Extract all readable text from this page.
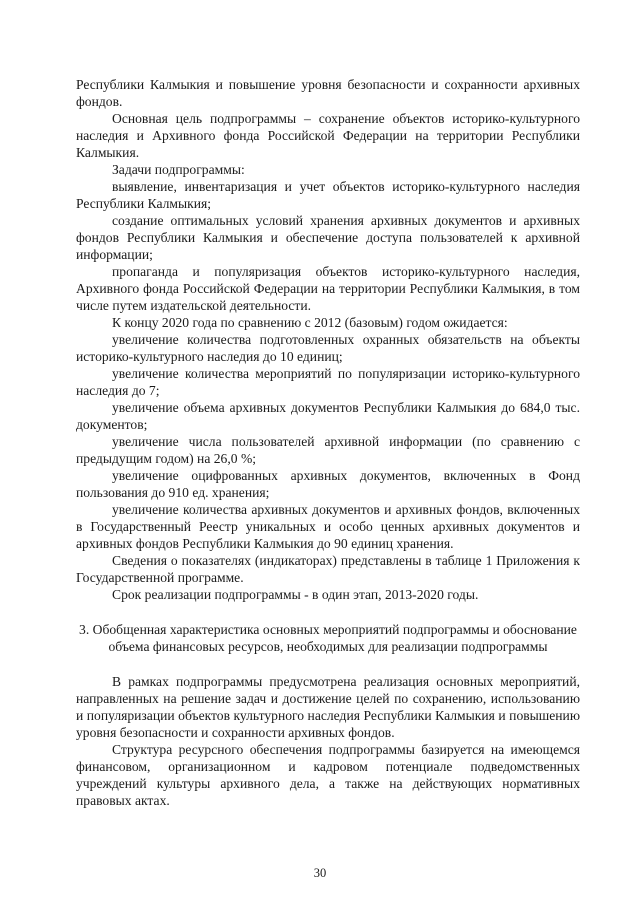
Республики Калмыкия и повышение уровня безопасности и сохранности архивных фондов.

Основная цель подпрограммы – сохранение объектов историко-культурного наследия и Архивного фонда Российской Федерации на территории Республики Калмыкия.

Задачи подпрограммы:

выявление, инвентаризация и учет объектов историко-культурного наследия Республики Калмыкия;

создание оптимальных условий хранения архивных документов и архивных фондов Республики Калмыкия и обеспечение доступа пользователей к архивной информации;

пропаганда и популяризация объектов историко-культурного наследия, Архивного фонда Российской Федерации на территории Республики Калмыкия, в том числе путем издательской деятельности.

К концу 2020 года по сравнению с 2012 (базовым) годом ожидается:

увеличение количества подготовленных охранных обязательств на объекты историко-культурного наследия до 10 единиц;

увеличение количества мероприятий по популяризации историко-культурного наследия до 7;

увеличение объема архивных документов Республики Калмыкия до 684,0 тыс. документов;

увеличение числа пользователей архивной информации (по сравнению с предыдущим годом) на 26,0 %;

увеличение оцифрованных архивных документов, включенных в Фонд пользования до 910 ед. хранения;

увеличение количества архивных документов и архивных фондов, включенных в Государственный Реестр уникальных и особо ценных архивных документов и архивных фондов Республики Калмыкия до 90 единиц хранения.

Сведения о показателях (индикаторах) представлены в таблице 1 Приложения к Государственной программе.

Срок реализации подпрограммы - в один этап, 2013-2020 годы.

3. Обобщенная характеристика основных мероприятий подпрограммы и обоснование объема финансовых ресурсов, необходимых для реализации подпрограммы

В рамках подпрограммы предусмотрена реализация основных мероприятий, направленных на решение задач и достижение целей по сохранению, использованию и популяризации объектов культурного наследия Республики Калмыкия и повышению уровня безопасности и сохранности архивных фондов.

Структура ресурсного обеспечения подпрограммы базируется на имеющемся финансовом, организационном и кадровом потенциале подведомственных учреждений культуры архивного дела, а также на действующих нормативных правовых актах.

30
